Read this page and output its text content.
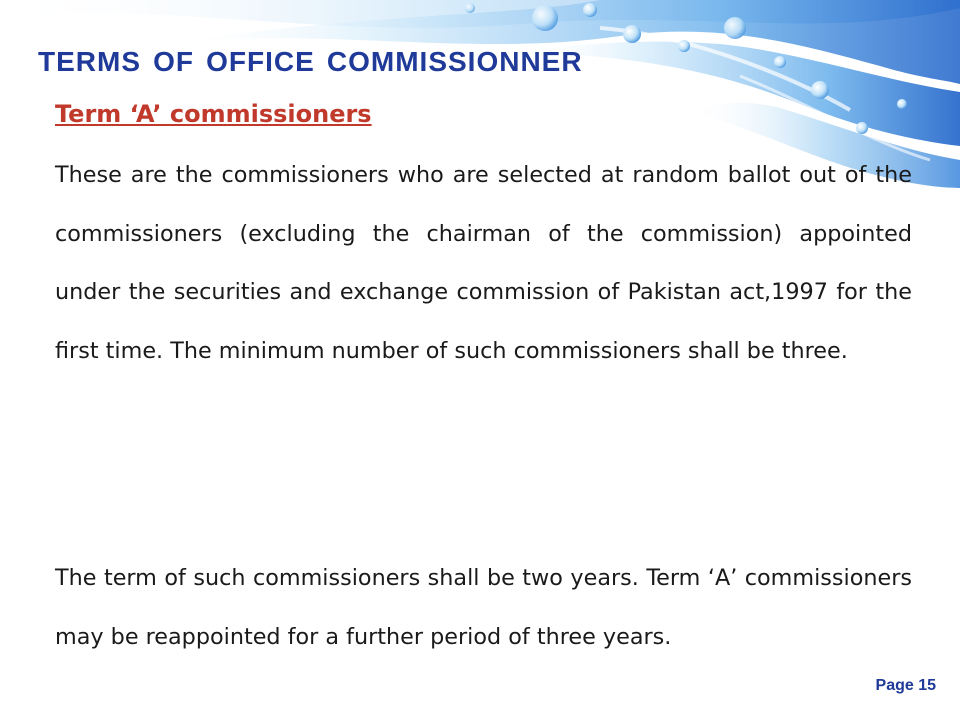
terms of office commissionner
Term ‘A’ commissioners

These are the commissioners who are selected at random ballot out of the commissioners (excluding the chairman of the commission) appointed under the securities and exchange commission of Pakistan act,1997 for the first time. The minimum number of such commissioners shall be three.

The term of such commissioners shall be two years. Term ‘A’ commissioners may be reappointed for a further period of three years.

Page 15
